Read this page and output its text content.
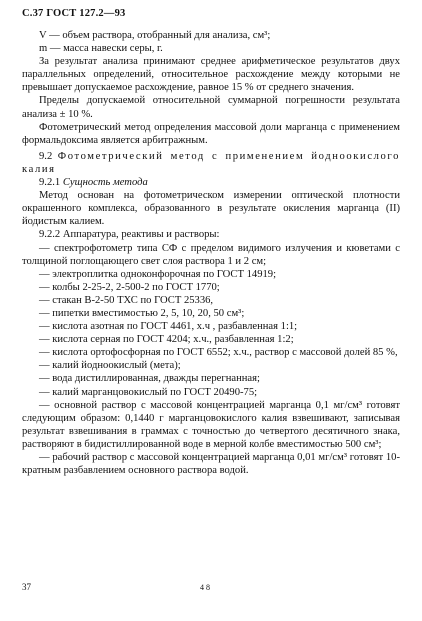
С.37 ГОСТ 127.2—93

V — объем раствора, отобранный для анализа, см³;

m — масса навески серы, г.

За результат анализа принимают среднее арифметическое результатов двух параллельных определений, относительное расхождение между которыми не превышает допускаемое расхождение, равное 15 % от среднего значения.

Пределы допускаемой относительной суммарной погрешности результата анализа ± 10 %.

Фотометрический метод определения массовой доли марганца с применением формальдоксима является арбитражным.

9.2 Фотометрический метод с применением йодноокислого калия

9.2.1 Сущность метода

Метод основан на фотометрическом измерении оптической плотности окрашенного комплекса, образованного в результате окисления марганца (II) йодистым калием.

9.2.2 Аппаратура, реактивы и растворы:

— спектрофотометр типа СФ с пределом видимого излучения и кюветами с толщиной поглощающего свет слоя раствора 1 и 2 см;

— электроплитка одноконфорочная по ГОСТ 14919;

— колбы 2-25-2, 2-500-2 по ГОСТ 1770;

— стакан В-2-50 ТХС по ГОСТ 25336,

— пипетки вместимостью 2, 5, 10, 20, 50 см³;

— кислота азотная по ГОСТ 4461, х.ч , разбавленная 1:1;

— кислота серная по ГОСТ 4204; х.ч., разбавленная 1:2;

— кислота ортофосфорная по ГОСТ 6552; х.ч., раствор с массовой долей 85 %,

— калий йодноокислый (мета);

— вода дистиллированная, дважды перегнанная;

— калий марганцовокислый по ГОСТ 20490-75;

— основной раствор с массовой концентрацией марганца 0,1 мг/см³ готовят следующим образом: 0,1440 г марганцовокислого калия взвешивают, записывая результат взвешивания в граммах с точностью до четвертого десятичного знака, растворяют в бидистиллированной воде в мерной колбе вместимостью 500 см³;

— рабочий раствор с массовой концентрацией марганца 0,01 мг/см³ готовят 10-кратным разбавлением основного раствора водой.

37	4 8
